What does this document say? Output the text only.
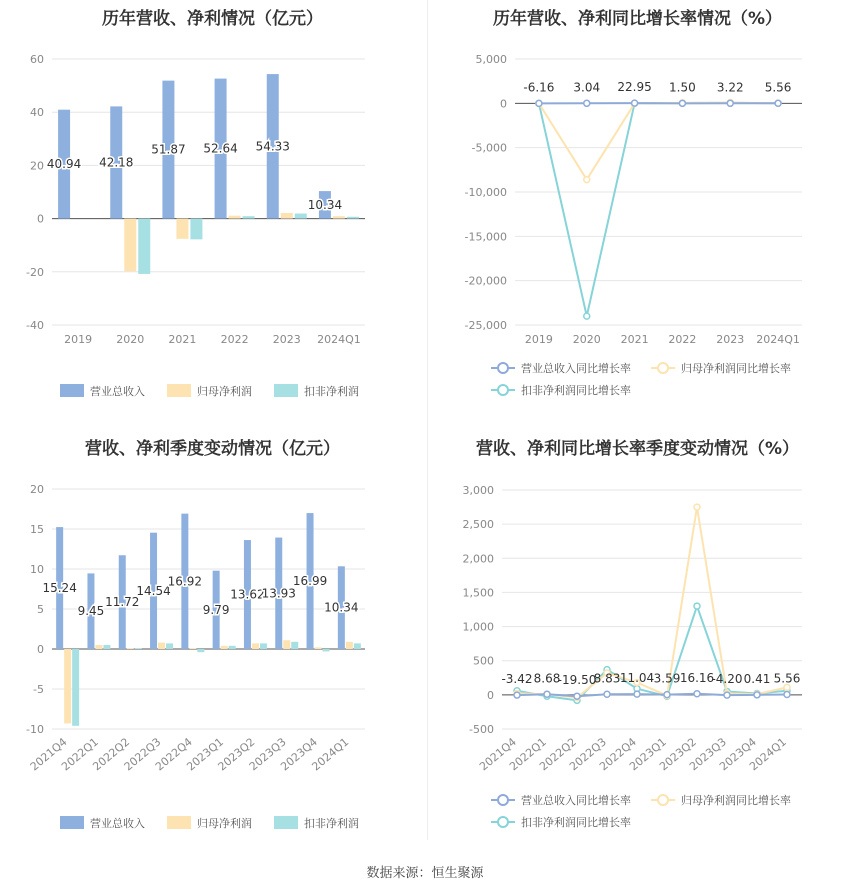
历年营收、净利情况（亿元）
-40
-20
0
20
40
60
2019 2020 2021 2022 2023 2024Q1
40.94 42.18
51.87 52.64 54.33
10.34
营业总收入	归母净利润	扣非净利润
历年营收、净利同比增长率情况（%）
-25,000
-20,000
-15,000
-10,000
-5,000
0
5,000
2019 2020 2021 2022 2023 2024Q1
-6.16 3.04 22.95 1.50 3.22 5.56
营业总收入同比增长率	归母净利润同比增长率
扣非净利润同比增长率
营收、净利季度变动情况（亿元）
-10
-5
0
5
10
15
20
2021Q4
2022Q1
2022Q2
2022Q3
2022Q4
2023Q1
2023Q2
2023Q3
2023Q4
2024Q1
15.24
9.45
11.72
14.54
16.92
9.79
13.62
13.93
16.99
10.34
营业总收入	归母净利润	扣非净利润
营收、净利同比增长率季度变动情况（%）
-500
0
500
1,000
1,500
2,000
2,500
3,000
2021Q4
2022Q1
2022Q2
2022Q3
2022Q4
2023Q1
2023Q2
2023Q3
2023Q4
2024Q1
-3.42 8.68
-19.50
8.83 11.04 3.59 16.16
-4.20 0.41 5.56
营业总收入同比增长率	归母净利润同比增长率
扣非净利润同比增长率
数据来源：恒生聚源
